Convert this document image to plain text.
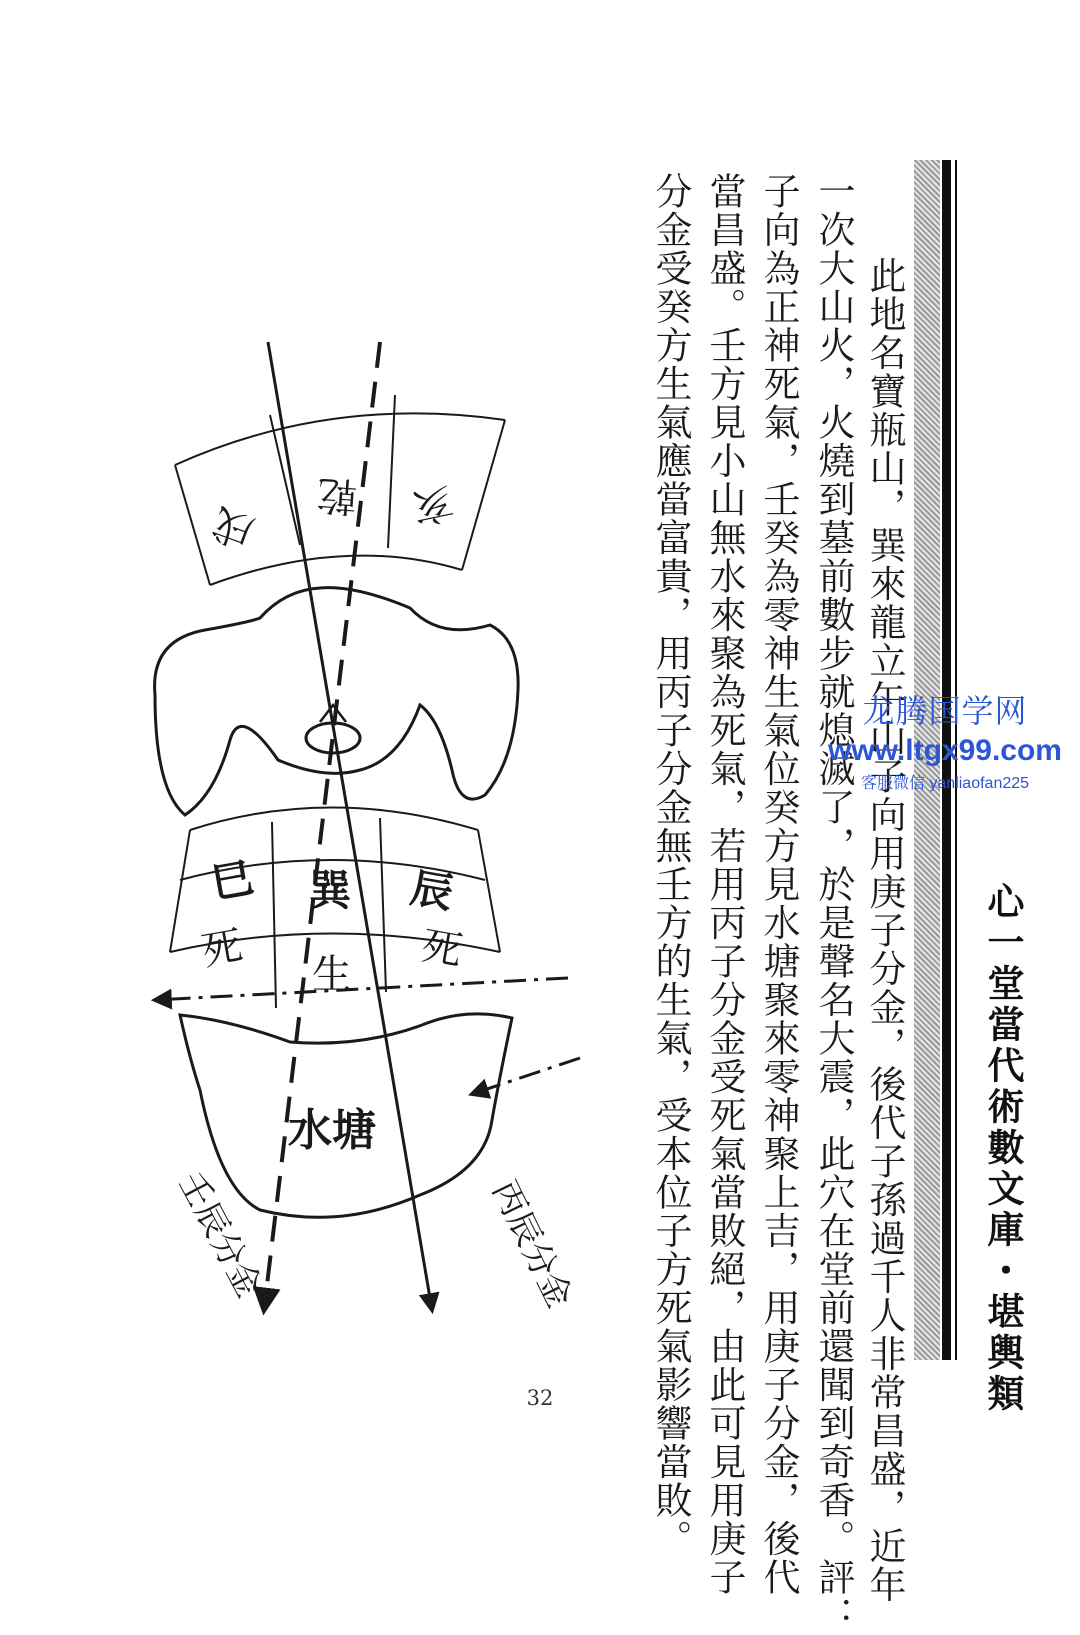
心一堂當代術數文庫・堪輿類
　此地名寶瓶山，巽來龍立午山子向用庚子分金，後代子孫過千人非常昌盛，近年
一次大山火，火燒到墓前數步就熄滅了，於是聲名大震，此穴在堂前還聞到奇香。評：
子向為正神死氣，壬癸為零神生氣位癸方見水塘聚來零神聚上吉，用庚子分金，後代
當昌盛。壬方見小山無水來聚為死氣，若用丙子分金受死氣當敗絕，由此可見用庚子
分金受癸方生氣應當富貴，用丙子分金無壬方的生氣，受本位子方死氣影響當敗。
戌
乾 亥
巳 巽 辰
死 生 死
水塘
壬辰分金	丙辰分金
龙腾国学网
www.ltgx99.com
客服微信 yanliaofan225
32
